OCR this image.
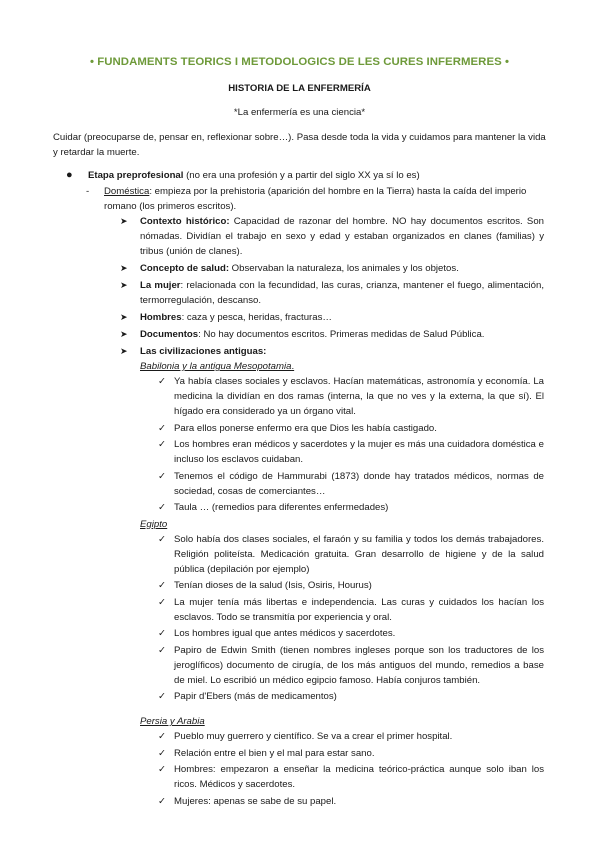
• FUNDAMENTS TEORICS I METODOLOGICS DE LES CURES INFERMERES •
HISTORIA DE LA ENFERMERÍA
*La enfermería es una ciencia*
Cuidar (preocuparse de, pensar en, reflexionar sobre…). Pasa desde toda la vida y cuidamos para mantener la vida y retardar la muerte.
● Etapa preprofesional (no era una profesión y a partir del siglo XX ya sí lo es)
- Doméstica: empieza por la prehistoria (aparición del hombre en la Tierra) hasta la caída del imperio romano (los primeros escritos).
➤ Contexto histórico: Capacidad de razonar del hombre. NO hay documentos escritos. Son nómadas. Dividían el trabajo en sexo y edad y estaban organizados en clanes (familias) y tribus (unión de clanes).
➤ Concepto de salud: Observaban la naturaleza, los animales y los objetos.
➤ La mujer: relacionada con la fecundidad, las curas, crianza, mantener el fuego, alimentación, termorregulación, descanso.
➤ Hombres: caza y pesca, heridas, fracturas…
➤ Documentos: No hay documentos escritos. Primeras medidas de Salud Pública.
➤ Las civilizaciones antiguas:
Babilonia y la antigua Mesopotamia.
✓ Ya había clases sociales y esclavos. Hacían matemáticas, astronomía y economía. La medicina la dividían en dos ramas (interna, la que no ves y la externa, la que sí). El hígado era considerado ya un órgano vital.
✓ Para ellos ponerse enfermo era que Dios les había castigado.
✓ Los hombres eran médicos y sacerdotes y la mujer es más una cuidadora doméstica e incluso los esclavos cuidaban.
✓ Tenemos el código de Hammurabi (1873) donde hay tratados médicos, normas de sociedad, cosas de comerciantes…
✓ Taula … (remedios para diferentes enfermedades)
Egipto
✓ Solo había dos clases sociales, el faraón y su familia y todos los demás trabajadores. Religión politeísta. Medicación gratuita. Gran desarrollo de higiene y de la salud pública (depilación por ejemplo)
✓ Tenían dioses de la salud (Isis, Osiris, Hourus)
✓ La mujer tenía más libertas e independencia. Las curas y cuidados los hacían los esclavos. Todo se transmitía por experiencia y oral.
✓ Los hombres igual que antes médicos y sacerdotes.
✓ Papiro de Edwin Smith (tienen nombres ingleses porque son los traductores de los jeroglíficos) documento de cirugía, de los más antiguos del mundo, remedios a base de miel. Lo escribió un médico egipcio famoso. Había conjuros también.
✓ Papir d'Ebers (más de medicamentos)
Persia y Arabia
✓ Pueblo muy guerrero y científico. Se va a crear el primer hospital.
✓ Relación entre el bien y el mal para estar sano.
✓ Hombres: empezaron a enseñar la medicina teórico-práctica aunque solo iban los ricos. Médicos y sacerdotes.
✓ Mujeres: apenas se sabe de su papel.
